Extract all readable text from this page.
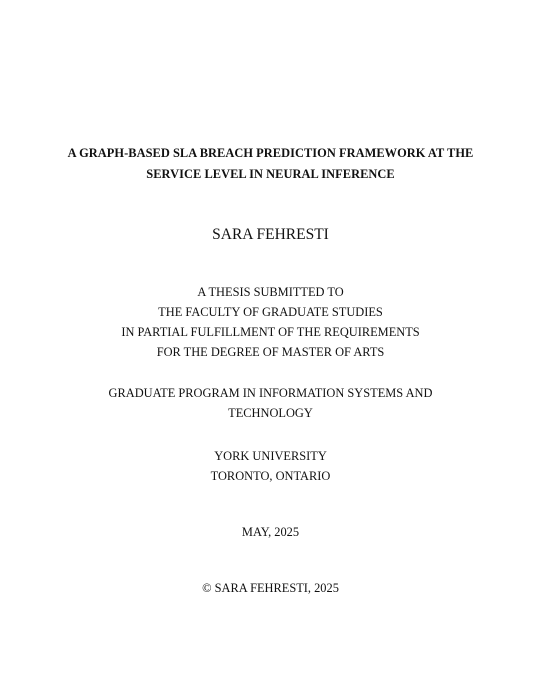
A GRAPH-BASED SLA BREACH PREDICTION FRAMEWORK AT THE
SERVICE LEVEL IN NEURAL INFERENCE
SARA FEHRESTI
A THESIS SUBMITTED TO
THE FACULTY OF GRADUATE STUDIES
IN PARTIAL FULFILLMENT OF THE REQUIREMENTS
FOR THE DEGREE OF MASTER OF ARTS
GRADUATE PROGRAM IN INFORMATION SYSTEMS AND
TECHNOLOGY
YORK UNIVERSITY
TORONTO, ONTARIO
MAY, 2025
© SARA FEHRESTI, 2025
